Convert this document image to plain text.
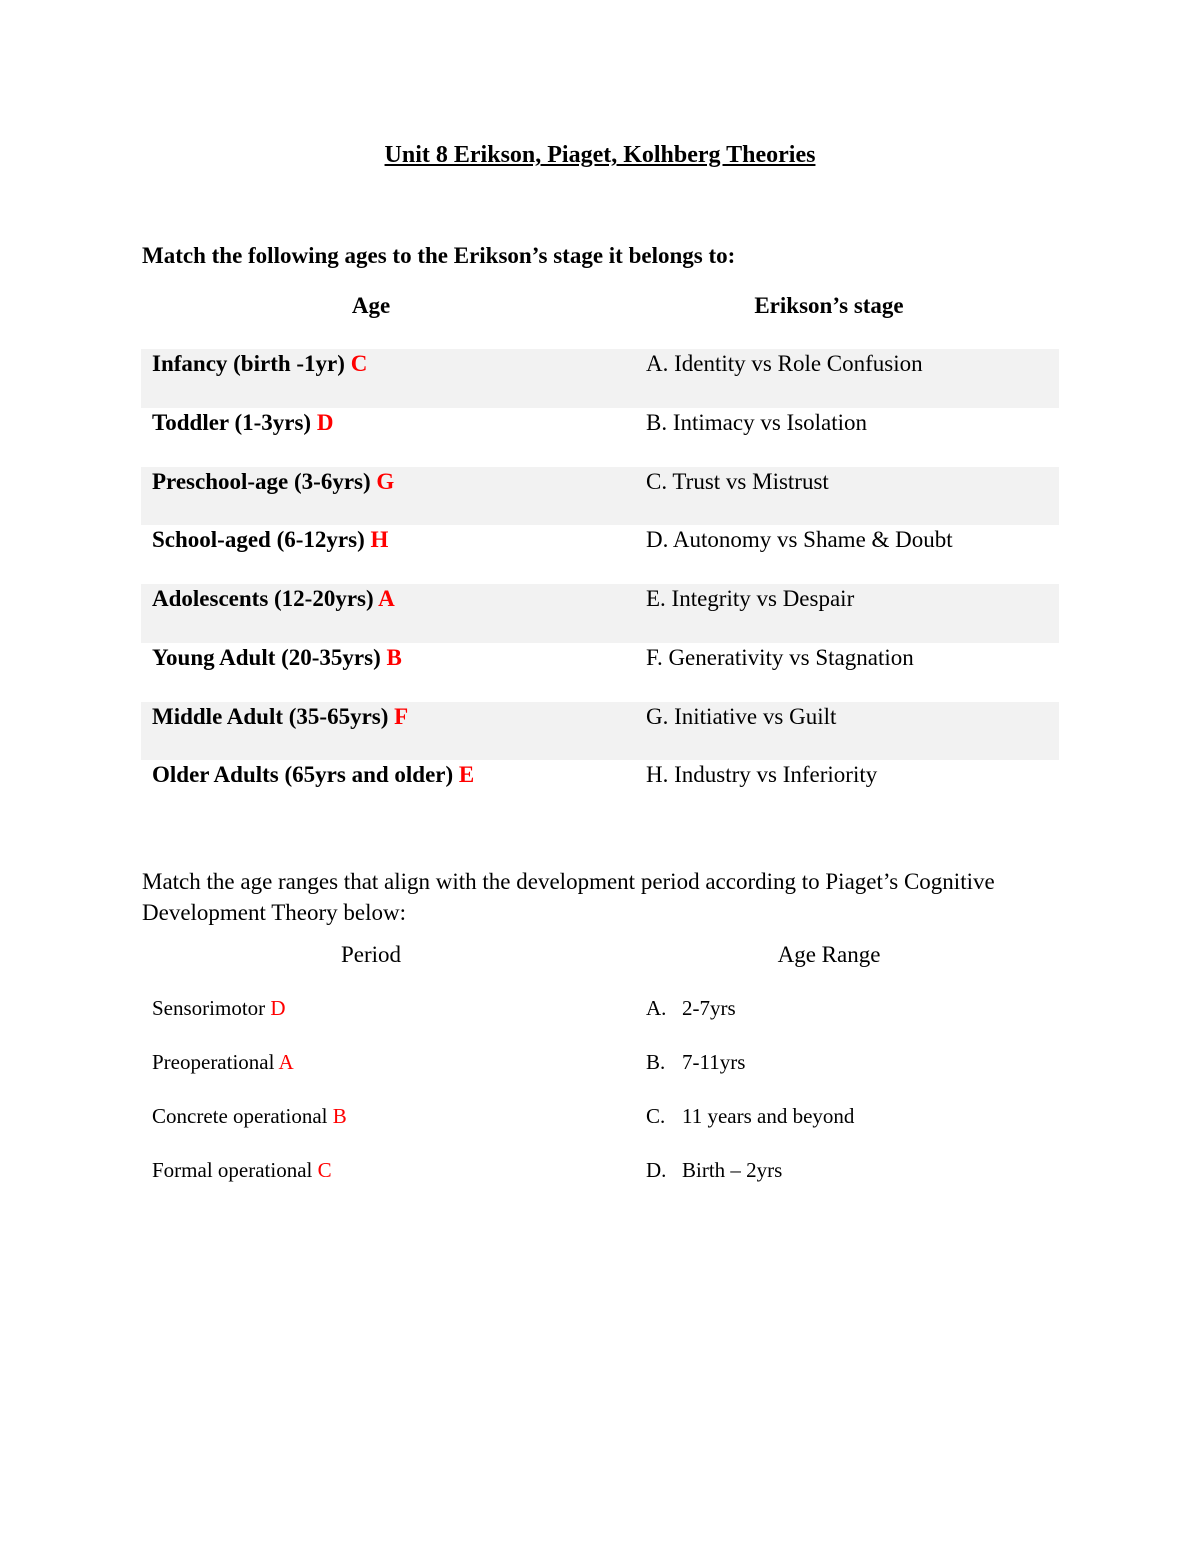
Unit 8 Erikson, Piaget, Kolhberg Theories

Match the following ages to the Erikson’s stage it belongs to:

Age	Erikson’s stage
Infancy (birth -1yr) C	A. Identity vs Role Confusion
Toddler (1-3yrs) D	B. Intimacy vs Isolation
Preschool-age (3-6yrs) G	C. Trust vs Mistrust
School-aged (6-12yrs) H	D. Autonomy vs Shame & Doubt
Adolescents (12-20yrs) A	E. Integrity vs Despair
Young Adult (20-35yrs) B	F. Generativity vs Stagnation
Middle Adult (35-65yrs) F	G. Initiative vs Guilt
Older Adults (65yrs and older) E	H. Industry vs Inferiority

Match the age ranges that align with the development period according to Piaget’s Cognitive Development Theory below:

Period	Age Range
Sensorimotor D	A. 2-7yrs
Preoperational A	B. 7-11yrs
Concrete operational B	C. 11 years and beyond
Formal operational C	D. Birth – 2yrs
